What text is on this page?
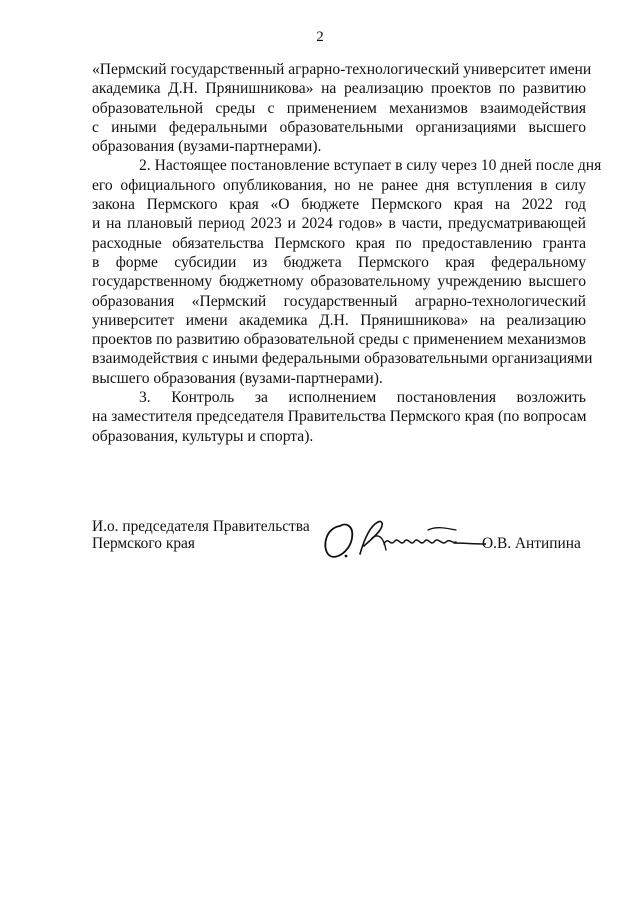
2

«Пермский государственный аграрно-технологический университет имени
академика Д.Н. Прянишникова» на реализацию проектов по развитию
образовательной среды с применением механизмов взаимодействия
с иными федеральными образовательными организациями высшего
образования (вузами-партнерами).

2. Настоящее постановление вступает в силу через 10 дней после дня
его официального опубликования, но не ранее дня вступления в силу
закона Пермского края «О бюджете Пермского края на 2022 год
и на плановый период 2023 и 2024 годов» в части, предусматривающей
расходные обязательства Пермского края по предоставлению гранта
в форме субсидии из бюджета Пермского края федеральному
государственному бюджетному образовательному учреждению высшего
образования «Пермский государственный аграрно-технологический
университет имени академика Д.Н. Прянишникова» на реализацию
проектов по развитию образовательной среды с применением механизмов
взаимодействия с иными федеральными образовательными организациями
высшего образования (вузами-партнерами).

3. Контроль за исполнением постановления возложить
на заместителя председателя Правительства Пермского края (по вопросам
образования, культуры и спорта).

И.о. председателя Правительства
Пермского края	О.В. Антипина
